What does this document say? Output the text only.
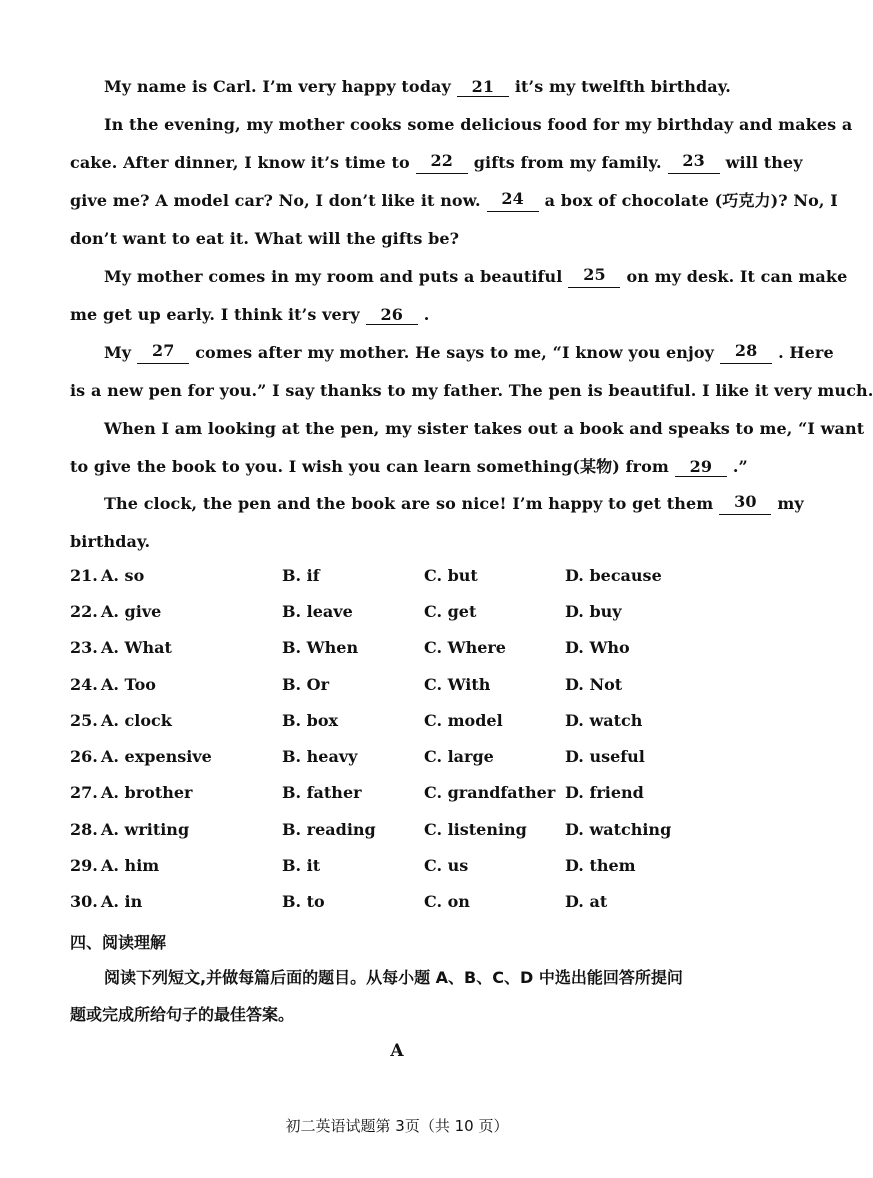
My name is Carl. I’m very happy today 21 it’s my twelfth birthday.
In the evening, my mother cooks some delicious food for my birthday and makes a
cake. After dinner, I know it’s time to	22	gifts from my family.	23	will they
give me? A model car? No, I don’t like it now.	24	a box of chocolate (巧克力)? No, I
don’t want to eat it. What will the gifts be?
My mother comes in my room and puts a beautiful	25	on my desk. It can make
me get up early. I think it’s very 26 .
My	27	comes after my mother. He says to me, “I know you enjoy	28	. Here
is a new pen for you.” I say thanks to my father. The pen is beautiful. I like it very much.
When I am looking at the pen, my sister takes out a book and speaks to me, “I want
to give the book to you. I wish you can learn something(某物) from 29 .”
The clock, the pen and the book are so nice! I’m happy to get them	30	my
birthday.
21. A. so	B. if	C. but	D. because
22. A. give	B. leave	C. get	D. buy
23. A. What	B. When	C. Where	D. Who
24. A. Too	B. Or	C. With	D. Not
25. A. clock	B. box	C. model	D. watch
26. A. expensive	B. heavy	C. large	D. useful
27. A. brother	B. father	C. grandfather D. friend
28. A. writing	B. reading	C. listening D. watching
29. A. him	B. it	C. us	D. them
30. A. in	B. to	C. on	D. at
四、阅读理解
阅读下列短文,并做每篇后面的题目。从每小题 A、B、C、D 中选出能回答所提问
题或完成所给句子的最佳答案。
A
初二英语试题第 3页（共 10 页）
